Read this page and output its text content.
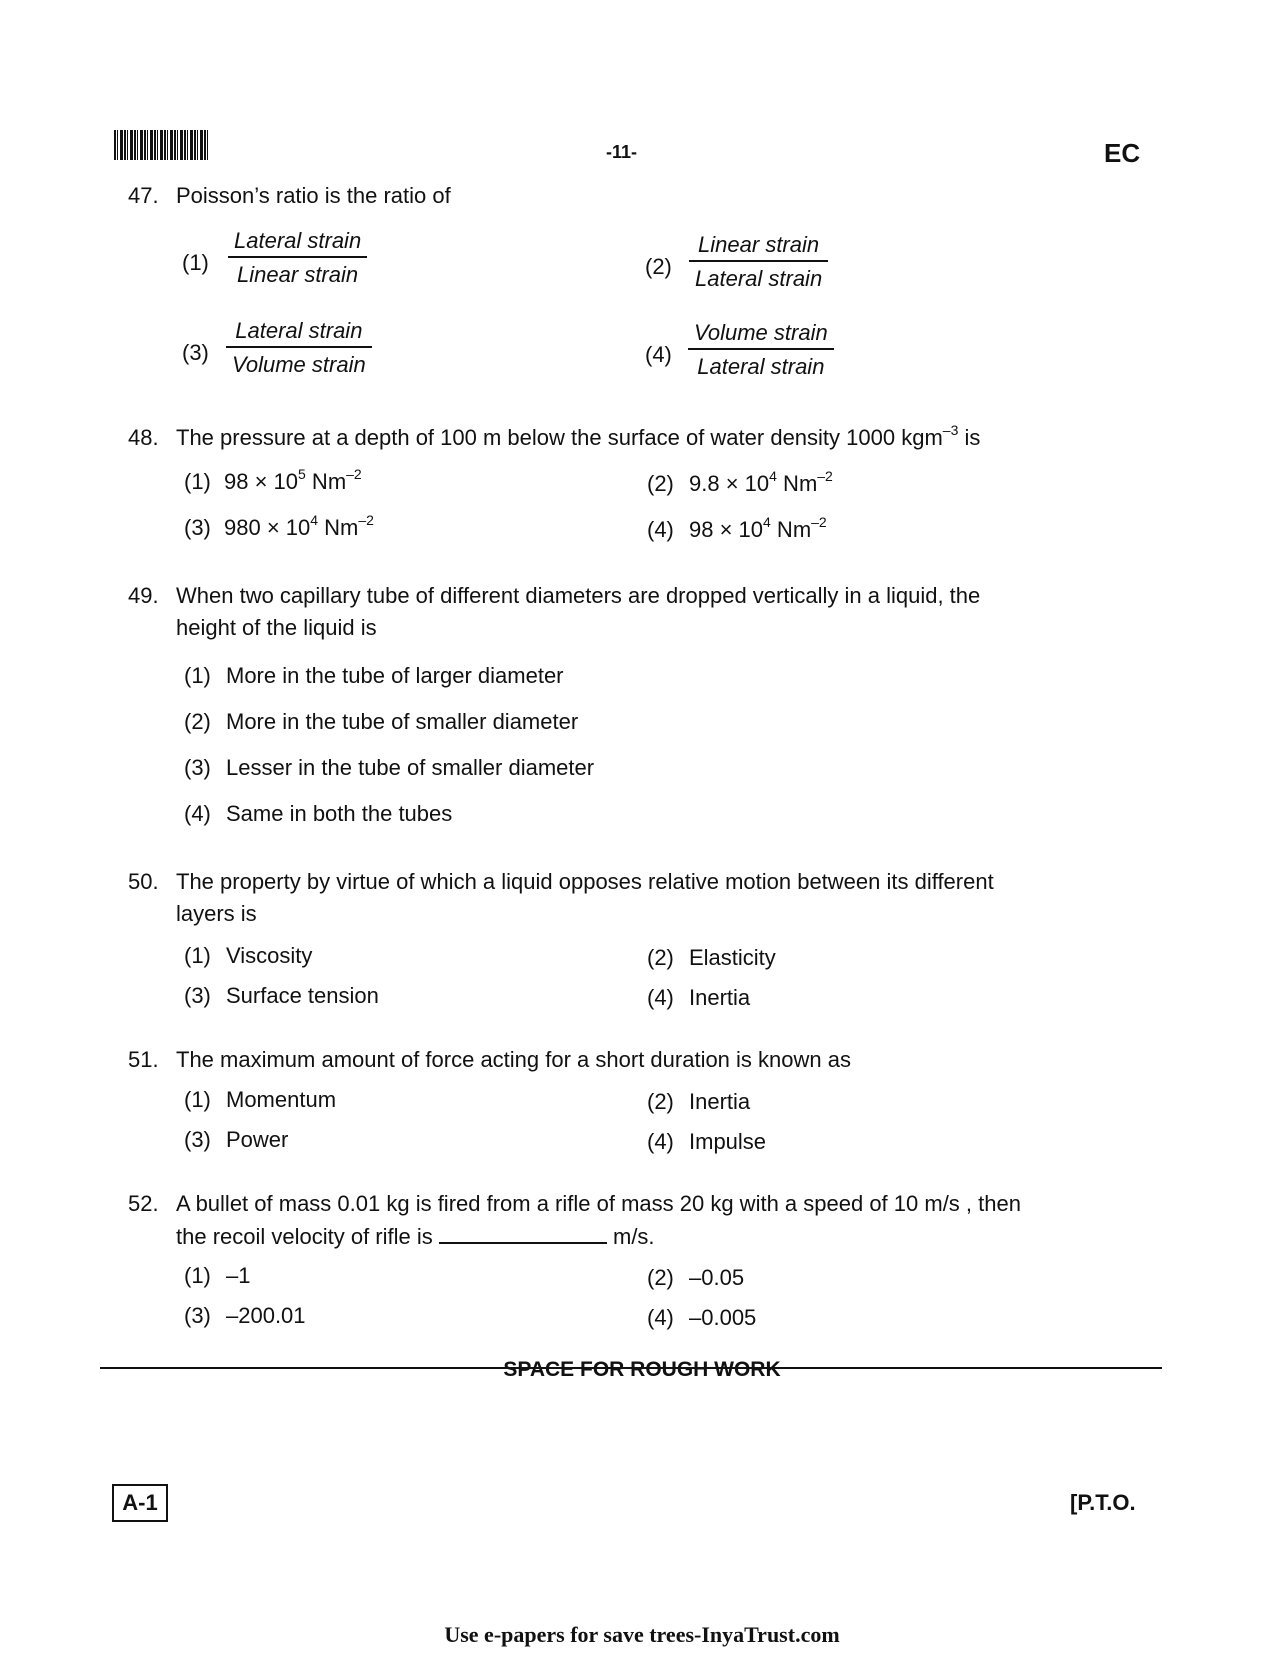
-11-	EC
47. Poisson’s ratio is the ratio of
(1)
Lateral strain
Linear strain	(2)
Linear strain
Lateral strain
(3)
Lateral strain
Volume strain	(4)
Volume strain
Lateral strain
48. The pressure at a depth of 100 m below the surface of water density 1000 kgm$^{-3}$ is
(1) $98 \times 10^5$ $Nm^{-2}$	(2) $9.8 \times 10^4$ $Nm^{-2}$
(3) $980 \times 10^4$ $Nm^{-2}$	(4) $98 \times 10^4$ $Nm^{-2}$
49. When two capillary tube of different diameters are dropped vertically in a liquid, the
height of the liquid is
(1) More in the tube of larger diameter
(2) More in the tube of smaller diameter
(3) Lesser in the tube of smaller diameter
(4) Same in both the tubes
50. The property by virtue of which a liquid opposes relative motion between its different
layers is
(1) Viscosity	(2) Elasticity
(3) Surface tension	(4) Inertia
51. The maximum amount of force acting for a short duration is known as
(1) Momentum	(2) Inertia
(3) Power	(4) Impulse
52. A bullet of mass 0.01 kg is fired from a rifle of mass 20 kg with a speed of 10 m/s , then
the recoil velocity of rifle is	m/s.
(1) –1	(2) –0.05
(3) –200.01	(4) –0.005
SPACE FOR ROUGH WORK
A-1	[P.T.O.
Use e-papers for save trees-InyaTrust.com
